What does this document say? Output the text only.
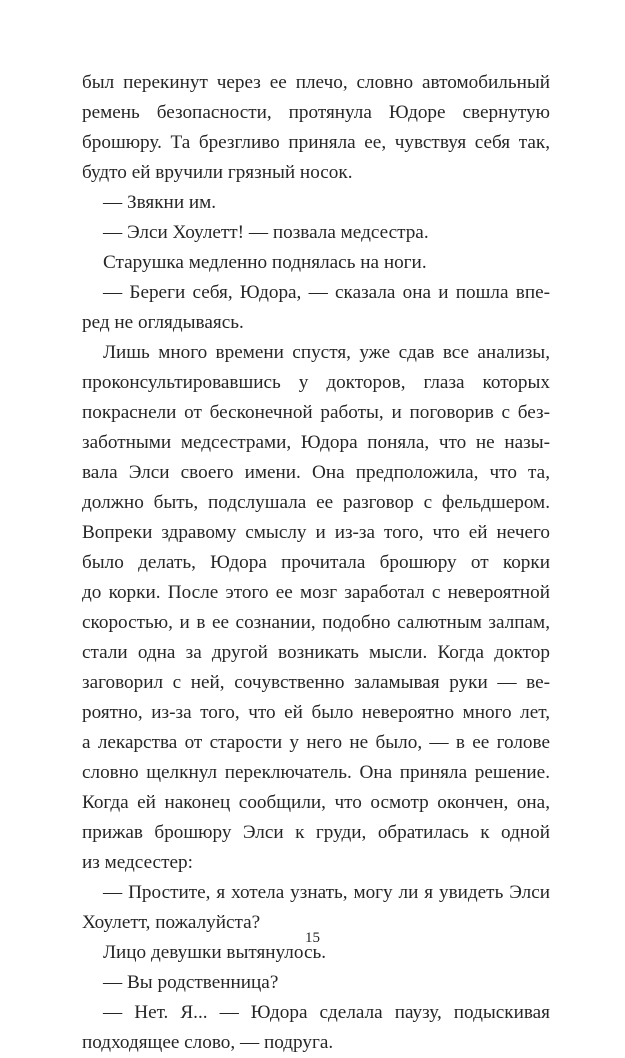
был перекинут через ее плечо, словно автомобильный
ремень безопасности, протянула Юдоре свернутую
брошюру. Та брезгливо приняла ее, чувствуя себя так,
будто ей вручили грязный носок.
— Звякни им.
— Элси Хоулетт! — позвала медсестра.
Старушка медленно поднялась на ноги.
— Береги себя, Юдора, — сказала она и пошла впе-
ред не оглядываясь.
Лишь много времени спустя, уже сдав все анализы,
проконсультировавшись у докторов, глаза которых
покраснели от бесконечной работы, и поговорив с без-
заботными медсестрами, Юдора поняла, что не назы-
вала Элси своего имени. Она предположила, что та,
должно быть, подслушала ее разговор с фельдшером.
Вопреки здравому смыслу и из-за того, что ей нечего
было делать, Юдора прочитала брошюру от корки
до корки. После этого ее мозг заработал с невероятной
скоростью, и в ее сознании, подобно салютным залпам,
стали одна за другой возникать мысли. Когда доктор
заговорил с ней, сочувственно заламывая руки — ве-
роятно, из-за того, что ей было невероятно много лет,
а лекарства от старости у него не было, — в ее голове
словно щелкнул переключатель. Она приняла решение.
Когда ей наконец сообщили, что осмотр окончен, она,
прижав брошюру Элси к груди, обратилась к одной
из медсестер:
— Простите, я хотела узнать, могу ли я увидеть Элси
Хоулетт, пожалуйста?
Лицо девушки вытянулось.
— Вы родственница?
— Нет. Я... — Юдора сделала паузу, подыскивая
подходящее слово, — подруга.
15
